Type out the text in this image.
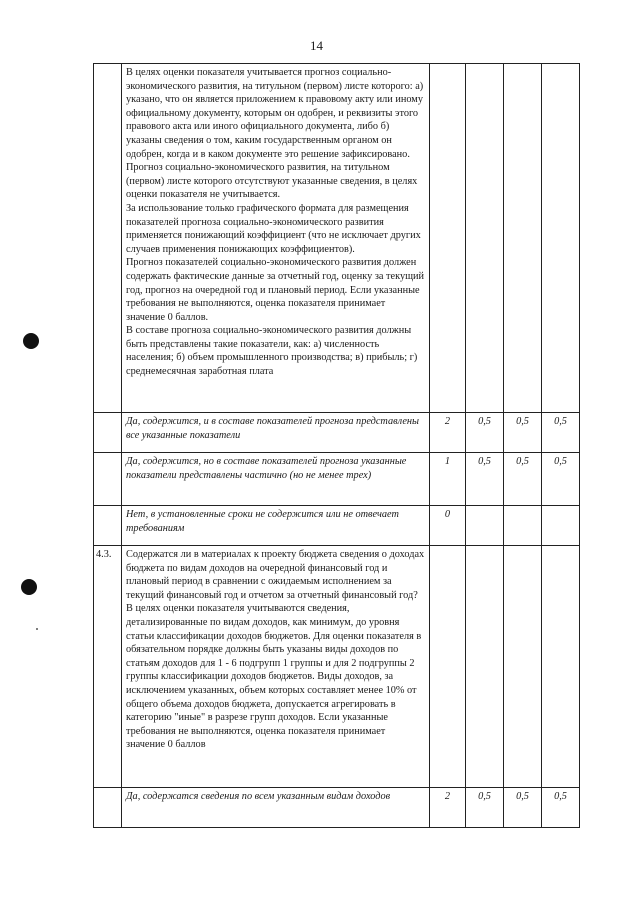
14

	В целях оценки показателя учитывается прогноз социально-экономического развития, на титульном (первом) листе которого: а) указано, что он является приложением к правовому акту или иному официальному документу, которым он одобрен, и реквизиты этого правового акта или иного официального документа, либо б) указаны сведения о том, каким государственным органом он одобрен, когда и в каком документе это решение зафиксировано. Прогноз социально-экономического развития, на титульном (первом) листе которого отсутствуют указанные сведения, в целях оценки показателя не учитывается.
За использование только графического формата для размещения показателей прогноза социально-экономического развития применяется понижающий коэффициент (что не исключает других случаев применения понижающих коэффициентов).
Прогноз показателей социально-экономического развития должен содержать фактические данные за отчетный год, оценку за текущий год, прогноз на очередной год и плановый период. Если указанные требования не выполняются, оценка показателя принимает значение 0 баллов.
В составе прогноза социально-экономического развития должны быть представлены такие показатели, как: а) численность населения; б) объем промышленного производства; в) прибыль; г) среднемесячная заработная плата				

	Да, содержится, и в составе показателей прогноза представлены все указанные показатели	2	0,5	0,5	0,5
	Да, содержится, но в составе показателей прогноза указанные показатели представлены частично (но не менее трех)	1	0,5	0,5	0,5
	Нет, в установленные сроки не содержится или не отвечает требованиям	0			
4.3.	Содержатся ли в материалах к проекту бюджета сведения о доходах бюджета по видам доходов на очередной финансовый год и плановый период в сравнении с ожидаемым исполнением за текущий финансовый год и отчетом за отчетный финансовый год?
В целях оценки показателя учитываются сведения, детализированные по видам доходов, как минимум, до уровня статьи классификации доходов бюджетов. Для оценки показателя в обязательном порядке должны быть указаны виды доходов по статьям доходов для 1 - 6 подгрупп 1 группы и для 2 подгруппы 2 группы классификации доходов бюджетов. Виды доходов, за исключением указанных, объем которых составляет менее 10% от общего объема доходов бюджета, допускается агрегировать в категорию "иные" в разрезе групп доходов. Если указанные требования не выполняются, оценка показателя принимает значение 0 баллов				

	Да, содержатся сведения по всем указанным видам доходов	2	0,5	0,5	0,5
